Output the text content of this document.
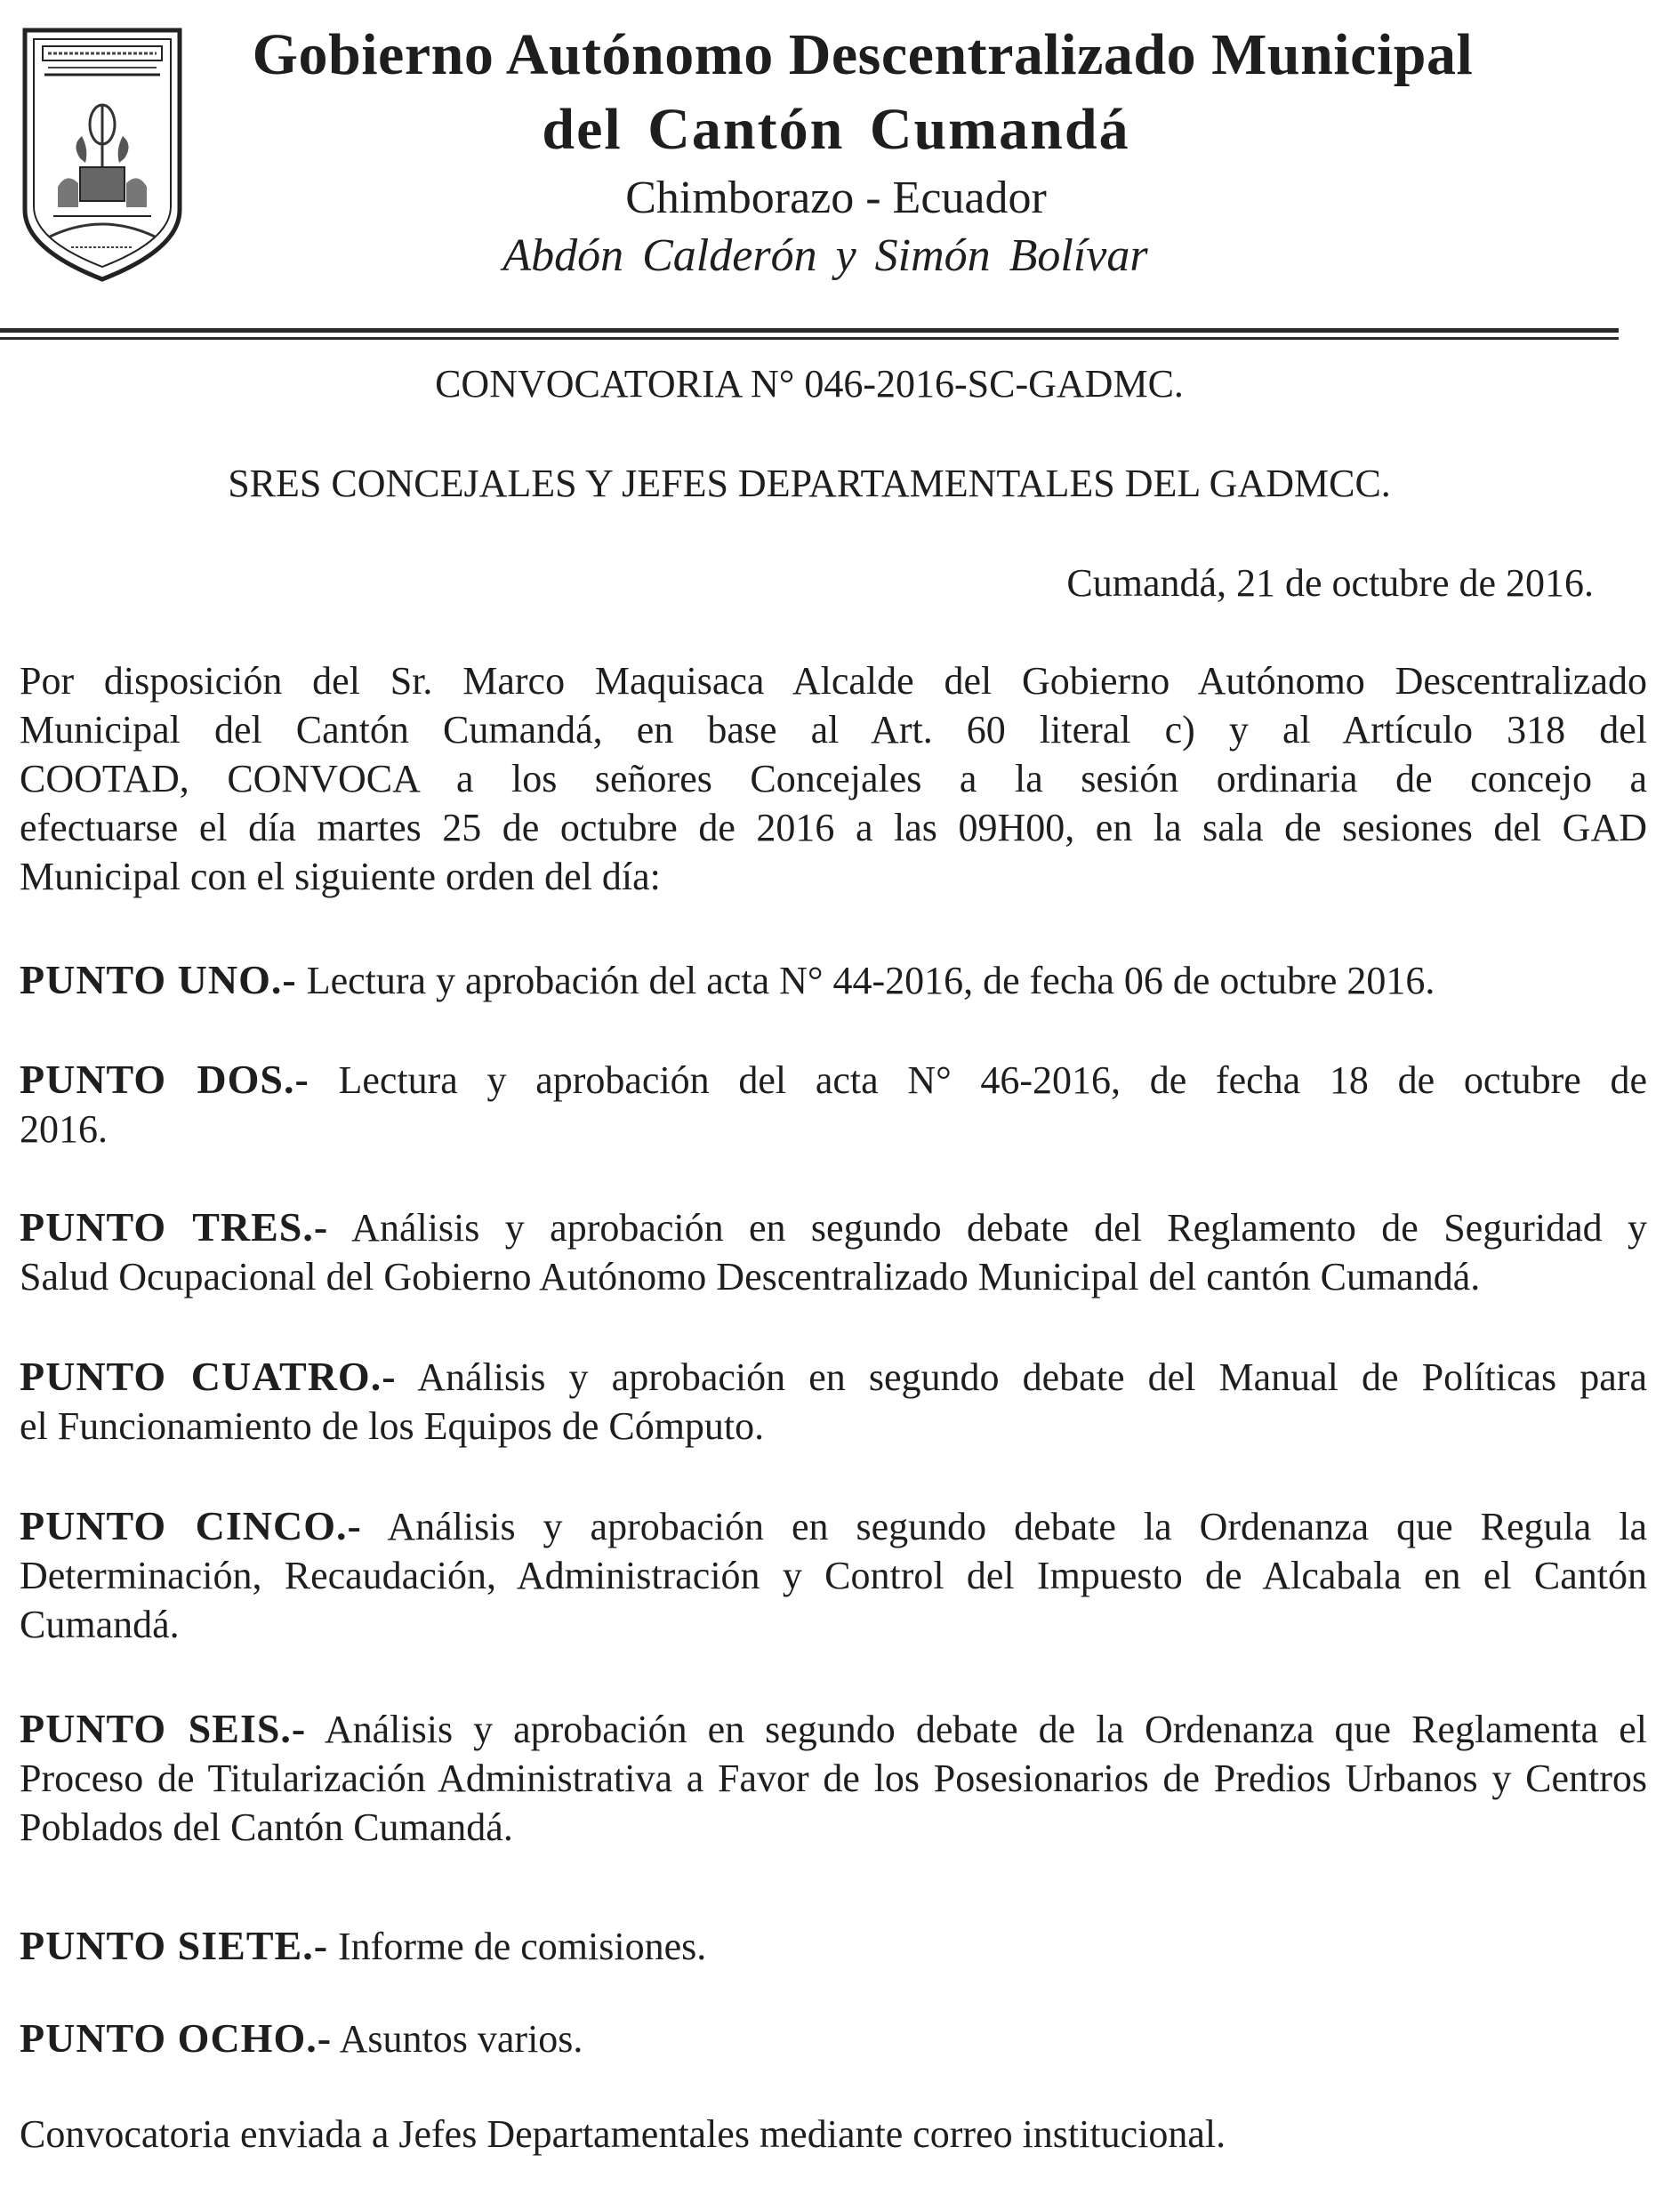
Gobierno Autónomo Descentralizado Municipal
del Cantón Cumandá
Chimborazo - Ecuador
Abdón Calderón y Simón Bolívar
CONVOCATORIA N° 046-2016-SC-GADMC.
SRES CONCEJALES Y JEFES DEPARTAMENTALES DEL GADMCC.
Cumandá, 21 de octubre de 2016.
Por disposición del Sr. Marco Maquisaca Alcalde del Gobierno Autónomo Descentralizado
Municipal del Cantón Cumandá, en base al Art. 60 literal c) y al Artículo 318 del
COOTAD, CONVOCA a los señores Concejales a la sesión ordinaria de concejo a
efectuarse el día martes 25 de octubre de 2016 a las 09H00, en la sala de sesiones del GAD
Municipal con el siguiente orden del día:
PUNTO UNO.- Lectura y aprobación del acta N° 44-2016, de fecha 06 de octubre 2016.
PUNTO DOS.- Lectura y aprobación del acta N° 46-2016, de fecha 18 de octubre de
2016.
PUNTO TRES.- Análisis y aprobación en segundo debate del Reglamento de Seguridad y
Salud Ocupacional del Gobierno Autónomo Descentralizado Municipal del cantón Cumandá.
PUNTO CUATRO.- Análisis y aprobación en segundo debate del Manual de Políticas para
el Funcionamiento de los Equipos de Cómputo.
PUNTO CINCO.- Análisis y aprobación en segundo debate la Ordenanza que Regula la
Determinación, Recaudación, Administración y Control del Impuesto de Alcabala en el Cantón
Cumandá.
PUNTO SEIS.- Análisis y aprobación en segundo debate de la Ordenanza que Reglamenta el
Proceso de Titularización Administrativa a Favor de los Posesionarios de Predios Urbanos y Centros
Poblados del Cantón Cumandá.
PUNTO SIETE.- Informe de comisiones.
PUNTO OCHO.- Asuntos varios.
Convocatoria enviada a Jefes Departamentales mediante correo institucional.
